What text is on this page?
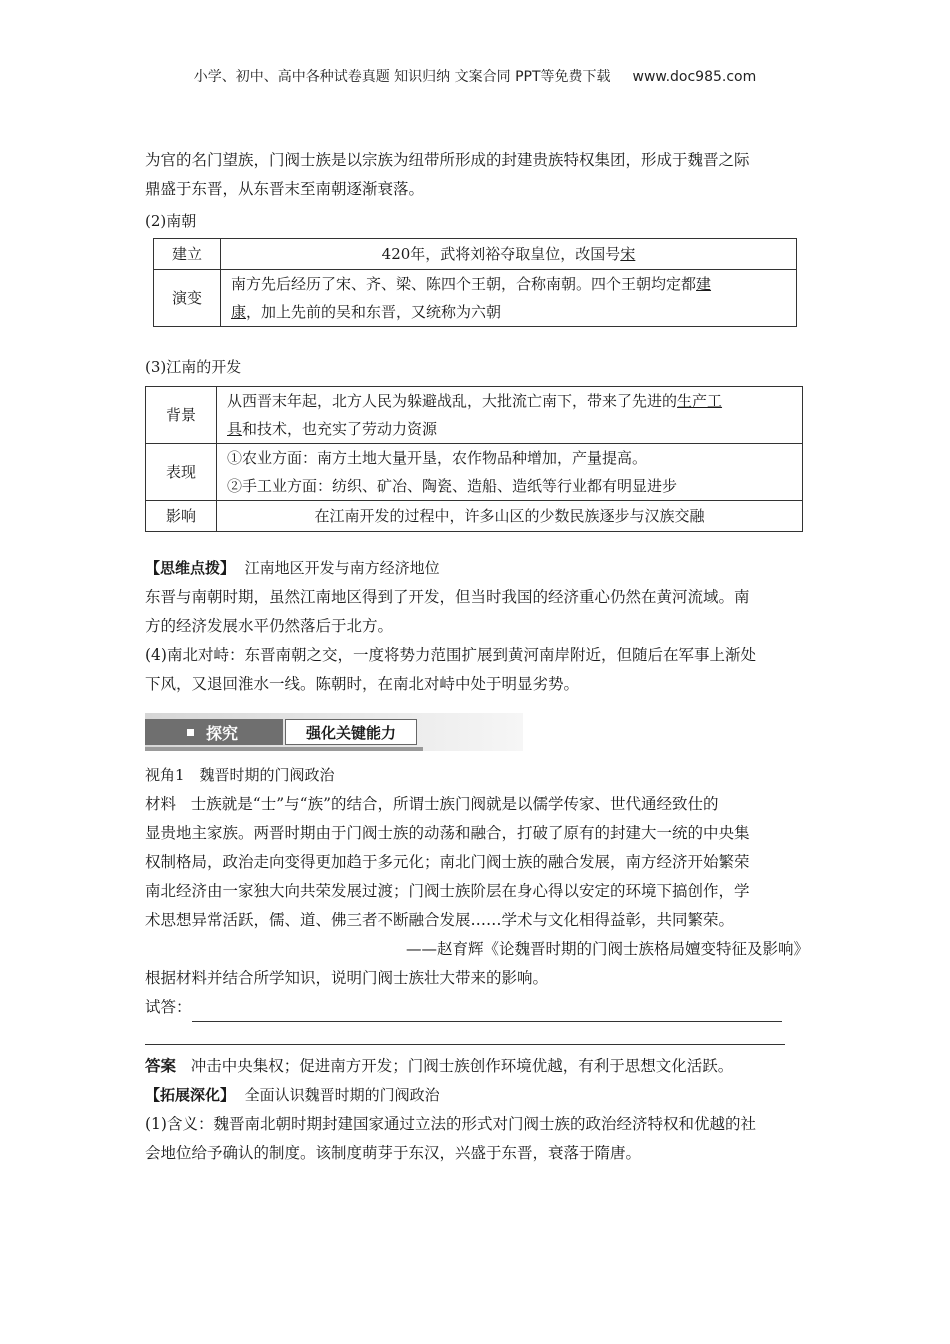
小学、初中、高中各种试卷真题 知识归纳 文案合同 PPT等免费下载 www.doc985.com

为官的名门望族，门阀士族是以宗族为纽带所形成的封建贵族特权集团，形成于魏晋之际

鼎盛于东晋，从东晋末至南朝逐渐衰落。

(2)南朝

建立	420年，武将刘裕夺取皇位，改国号宋
演变	南方先后经历了宋、齐、梁、陈四个王朝，合称南朝。四个王朝均定都建
康，加上先前的吴和东晋，又统称为六朝

(3)江南的开发

背景	从西晋末年起，北方人民为躲避战乱，大批流亡南下，带来了先进的生产工
具和技术，也充实了劳动力资源
表现	①农业方面：南方土地大量开垦，农作物品种增加，产量提高。
②手工业方面：纺织、矿冶、陶瓷、造船、造纸等行业都有明显进步
影响	在江南开发的过程中，许多山区的少数民族逐步与汉族交融

【思维点拨】 江南地区开发与南方经济地位

东晋与南朝时期，虽然江南地区得到了开发，但当时我国的经济重心仍然在黄河流域。南

方的经济发展水平仍然落后于北方。

(4)南北对峙：东晋南朝之交，一度将势力范围扩展到黄河南岸附近，但随后在军事上渐处

下风，又退回淮水一线。陈朝时，在南北对峙中处于明显劣势。

探究	强化关键能力

视角1　魏晋时期的门阀政治

材料 士族就是“士”与“族”的结合，所谓士族门阀就是以儒学传家、世代通经致仕的

显贵地主家族。两晋时期由于门阀士族的动荡和融合，打破了原有的封建大一统的中央集

权制格局，政治走向变得更加趋于多元化；南北门阀士族的融合发展，南方经济开始繁荣

南北经济由一家独大向共荣发展过渡；门阀士族阶层在身心得以安定的环境下搞创作，学

术思想异常活跃，儒、道、佛三者不断融合发展……学术与文化相得益彰，共同繁荣。

——赵育辉《论魏晋时期的门阀士族格局嬗变特征及影响》

根据材料并结合所学知识，说明门阀士族壮大带来的影响。

试答：

答案 冲击中央集权；促进南方开发；门阀士族创作环境优越，有利于思想文化活跃。

【拓展深化】 全面认识魏晋时期的门阀政治

(1)含义：魏晋南北朝时期封建国家通过立法的形式对门阀士族的政治经济特权和优越的社

会地位给予确认的制度。该制度萌芽于东汉，兴盛于东晋，衰落于隋唐。
